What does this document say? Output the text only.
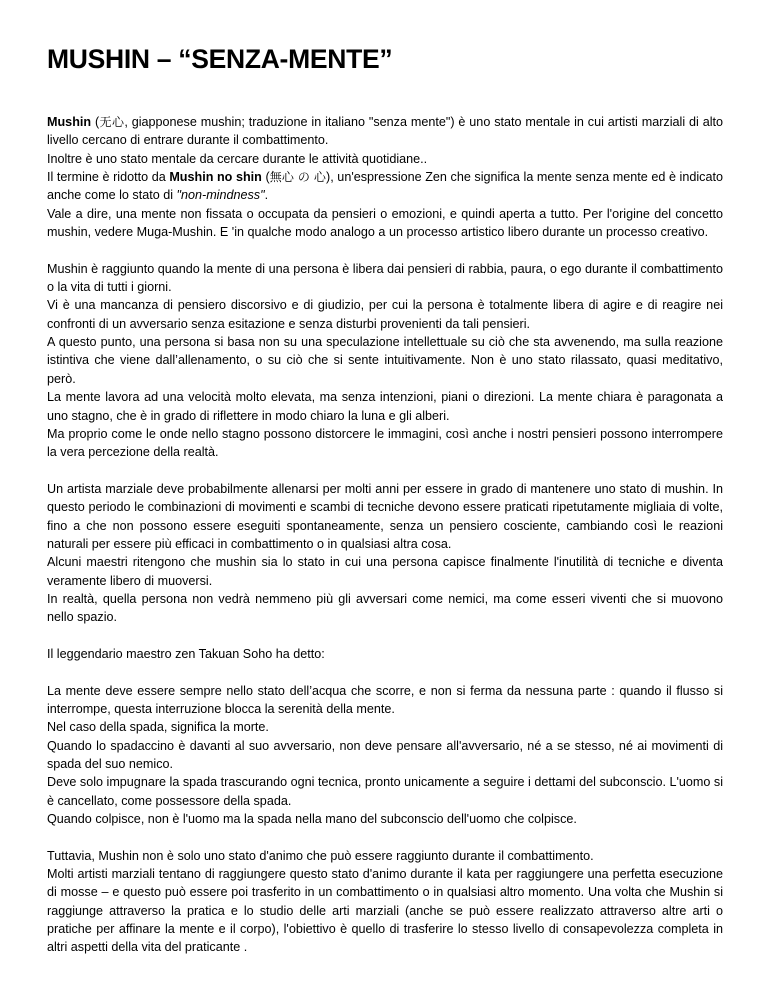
MUSHIN – “SENZA-MENTE”

Mushin (无心, giapponese mushin; traduzione in italiano "senza mente") è uno stato mentale in cui artisti marziali di alto livello cercano di entrare durante il combattimento.

Inoltre è uno stato mentale da cercare durante le attività quotidiane..

Il termine è ridotto da Mushin no shin (無心 の 心), un'espressione Zen che significa la mente senza mente ed è indicato anche come lo stato di "non-mindness".

Vale a dire, una mente non fissata o occupata da pensieri o emozioni, e quindi aperta a tutto. Per l'origine del concetto mushin, vedere Muga-Mushin. E 'in qualche modo analogo a un processo artistico libero durante un processo creativo.

Mushin è raggiunto quando la mente di una persona è libera dai pensieri di rabbia, paura, o ego durante il combattimento o la vita di tutti i giorni.

Vi è una mancanza di pensiero discorsivo e di giudizio, per cui la persona è totalmente libera di agire e di reagire nei confronti di un avversario senza esitazione e senza disturbi provenienti da tali pensieri.

A questo punto, una persona si basa non su una speculazione intellettuale su ciò che sta avvenendo, ma sulla reazione istintiva che viene dall’allenamento, o su ciò che si sente intuitivamente. Non è uno stato rilassato, quasi meditativo, però.

La mente lavora ad una velocità molto elevata, ma senza intenzioni, piani o direzioni. La mente chiara è paragonata a uno stagno, che è in grado di riflettere in modo chiaro la luna e gli alberi.

Ma proprio come le onde nello stagno possono distorcere le immagini, così anche i nostri pensieri possono interrompere la vera percezione della realtà.

Un artista marziale deve probabilmente allenarsi per molti anni per essere in grado di mantenere uno stato di mushin. In questo periodo le combinazioni di movimenti e scambi di tecniche devono essere praticati ripetutamente migliaia di volte, fino a che non possono essere eseguiti spontaneamente, senza un pensiero cosciente, cambiando così le reazioni naturali per essere più efficaci in combattimento o in qualsiasi altra cosa.

Alcuni maestri ritengono che mushin sia lo stato in cui una persona capisce finalmente l'inutilità di tecniche e diventa veramente libero di muoversi.

In realtà, quella persona non vedrà nemmeno più gli avversari come nemici, ma come esseri viventi che si muovono nello spazio.

Il leggendario maestro zen Takuan Soho ha detto:

La mente deve essere sempre nello stato dell’acqua che scorre, e non si ferma da nessuna parte : quando il flusso si interrompe, questa interruzione blocca la serenità della mente.

Nel caso della spada, significa la morte.

Quando lo spadaccino è davanti al suo avversario, non deve pensare all'avversario, né a se stesso, né ai movimenti di spada del suo nemico.

Deve solo impugnare la spada trascurando ogni tecnica, pronto unicamente a seguire i dettami del subconscio. L'uomo si è cancellato, come possessore della spada.

Quando colpisce, non è l'uomo ma la spada nella mano del subconscio dell'uomo che colpisce.

Tuttavia, Mushin non è solo uno stato d'animo che può essere raggiunto durante il combattimento.

Molti artisti marziali tentano di raggiungere questo stato d'animo durante il kata per raggiungere una perfetta esecuzione di mosse – e questo può essere poi trasferito in un combattimento o in qualsiasi altro momento. Una volta che Mushin si raggiunge attraverso la pratica e lo studio delle arti marziali (anche se può essere realizzato attraverso altre arti o pratiche per affinare la mente e il corpo), l'obiettivo è quello di trasferire lo stesso livello di consapevolezza completa in altri aspetti della vita del praticante .
